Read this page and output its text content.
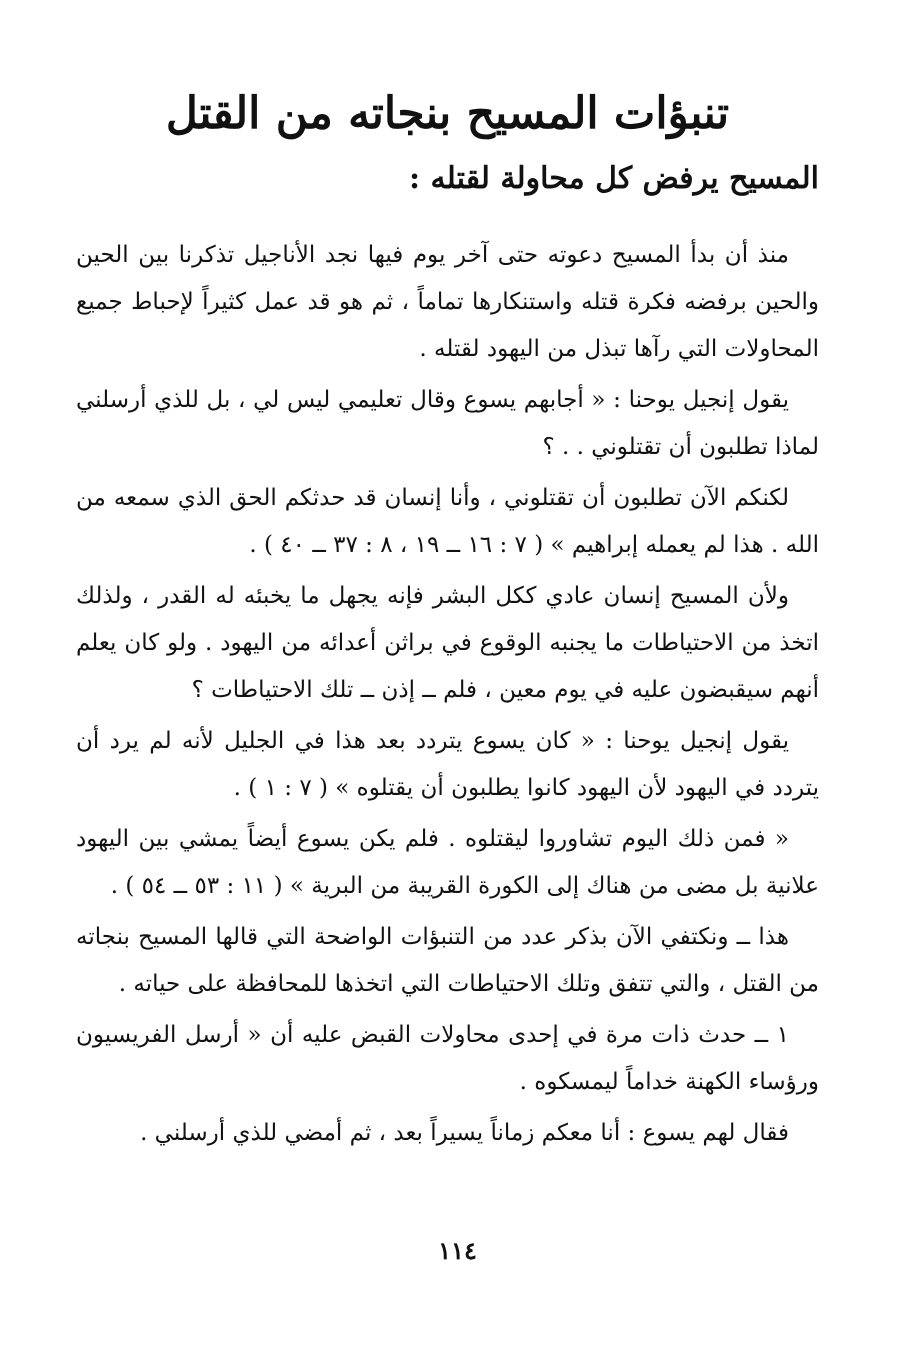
تنبؤات المسيح بنجاته من القتل
المسيح يرفض كل محاولة لقتله :

منذ أن بدأ المسيح دعوته حتى آخر يوم فيها نجد الأناجيل تذكرنا بين الحين والحين برفضه فكرة قتله واستنكارها تماماً ، ثم هو قد عمل كثيراً لإحباط جميع المحاولات التي رآها تبذل من اليهود لقتله .

يقول إنجيل يوحنا : « أجابهم يسوع وقال تعليمي ليس لي ، بل للذي أرسلني لماذا تطلبون أن تقتلوني . . ؟

لكنكم الآن تطلبون أن تقتلوني ، وأنا إنسان قد حدثكم الحق الذي سمعه من الله . هذا لم يعمله إبراهيم » ( ٧ : ١٦ ــ ١٩ ، ٨ : ٣٧ ــ ٤٠ ) .

ولأن المسيح إنسان عادي ككل البشر فإنه يجهل ما يخبئه له القدر ، ولذلك اتخذ من الاحتياطات ما يجنبه الوقوع في براثن أعدائه من اليهود . ولو كان يعلم أنهم سيقبضون عليه في يوم معين ، فلم ــ إذن ــ تلك الاحتياطات ؟

يقول إنجيل يوحنا : « كان يسوع يتردد بعد هذا في الجليل لأنه لم يرد أن يتردد في اليهود لأن اليهود كانوا يطلبون أن يقتلوه » ( ٧ : ١ ) .

« فمن ذلك اليوم تشاوروا ليقتلوه . فلم يكن يسوع أيضاً يمشي بين اليهود علانية بل مضى من هناك إلى الكورة القريبة من البرية » ( ١١ : ٥٣ ــ ٥٤ ) .

هذا ــ ونكتفي الآن بذكر عدد من التنبؤات الواضحة التي قالها المسيح بنجاته من القتل ، والتي تتفق وتلك الاحتياطات التي اتخذها للمحافظة على حياته .

١ ــ حدث ذات مرة في إحدى محاولات القبض عليه أن « أرسل الفريسيون ورؤساء الكهنة خداماً ليمسكوه .

فقال لهم يسوع : أنا معكم زماناً يسيراً بعد ، ثم أمضي للذي أرسلني .

١١٤
